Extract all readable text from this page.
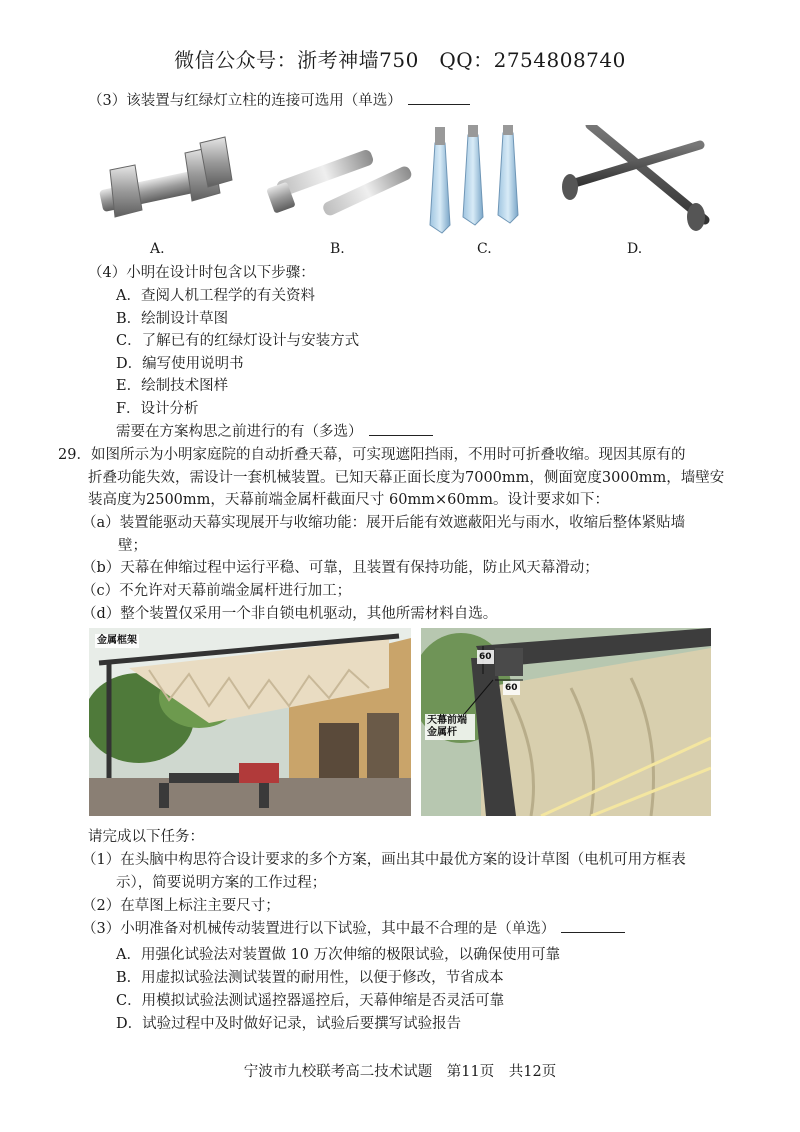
微信公众号：浙考神墙750　QQ：2754808740
（3）该装置与红绿灯立柱的连接可选用（单选）
A.	B.	C.	D.
（4）小明在设计时包含以下步骤：
A．查阅人机工程学的有关资料
B．绘制设计草图
C．了解已有的红绿灯设计与安装方式
D．编写使用说明书
E．绘制技术图样
F．设计分析
需要在方案构思之前进行的有（多选）
29．如图所示为小明家庭院的自动折叠天幕，可实现遮阳挡雨，不用时可折叠收缩。现因其原有的
折叠功能失效，需设计一套机械装置。已知天幕正面长度为7000mm，侧面宽度3000mm，墙壁安
装高度为2500mm，天幕前端金属杆截面尺寸 60mm×60mm。设计要求如下：
（a）装置能驱动天幕实现展开与收缩功能：展开后能有效遮蔽阳光与雨水，收缩后整体紧贴墙
壁；
（b）天幕在伸缩过程中运行平稳、可靠，且装置有保持功能，防止风天幕滑动；
（c）不允许对天幕前端金属杆进行加工；
（d）整个装置仅采用一个非自锁电机驱动，其他所需材料自选。
金属框架
60
60
天幕前端金属杆
请完成以下任务：
（1）在头脑中构思符合设计要求的多个方案，画出其中最优方案的设计草图（电机可用方框表
示），简要说明方案的工作过程；
（2）在草图上标注主要尺寸；
（3）小明准备对机械传动装置进行以下试验，其中最不合理的是（单选）
A．用强化试验法对装置做 10 万次伸缩的极限试验，以确保使用可靠
B．用虚拟试验法测试装置的耐用性，以便于修改，节省成本
C．用模拟试验法测试遥控器遥控后，天幕伸缩是否灵活可靠
D．试验过程中及时做好记录，试验后要撰写试验报告
宁波市九校联考高二技术试题　第11页　共12页
